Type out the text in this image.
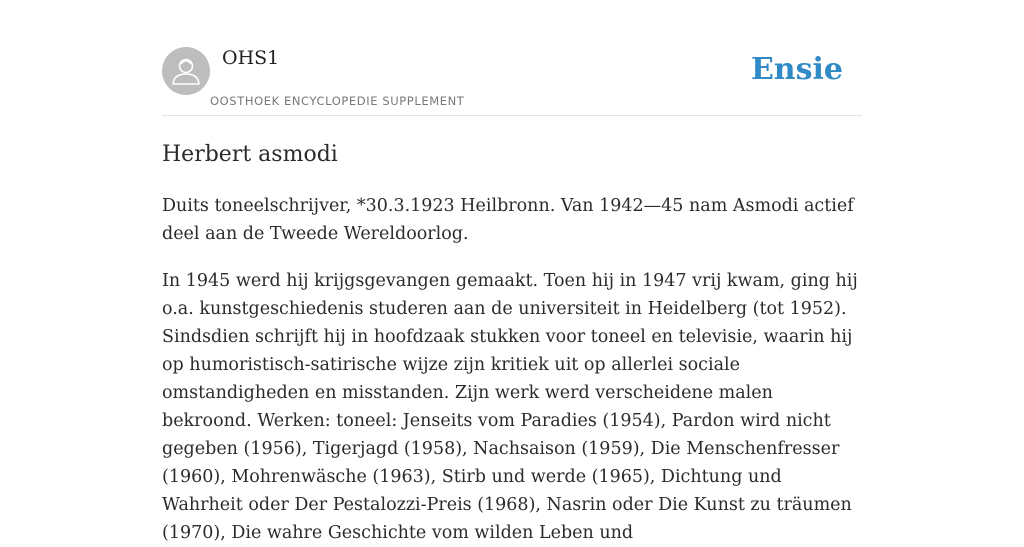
OHS1
OOSTHOEK ENCYCLOPEDIE SUPPLEMENT
Ensie
Herbert asmodi

Duits toneelschrijver, *30.3.1923 Heilbronn. Van 1942—45 nam Asmodi actief deel aan de Tweede Wereldoorlog.

In 1945 werd hij krijgsgevangen gemaakt. Toen hij in 1947 vrij kwam, ging hij o.a. kunstgeschiedenis studeren aan de universiteit in Heidelberg (tot 1952). Sindsdien schrijft hij in hoofdzaak stukken voor toneel en televisie, waarin hij op humoristisch-satirische wijze zijn kritiek uit op allerlei sociale omstandigheden en misstanden. Zijn werk werd verscheidene malen bekroond. Werken: toneel: Jenseits vom Paradies (1954), Pardon wird nicht gegeben (1956), Tigerjagd (1958), Nachsaison (1959), Die Menschenfresser (1960), Mohrenwäsche (1963), Stirb und werde (1965), Dichtung und Wahrheit oder Der Pestalozzi-Preis (1968), Nasrin oder Die Kunst zu träumen (1970), Die wahre Geschichte vom wilden Leben und
